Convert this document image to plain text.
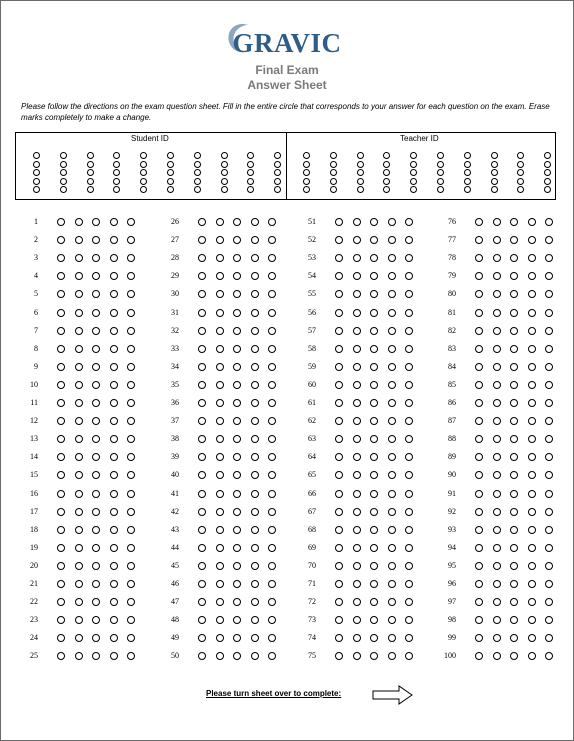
GRAVIC
Final Exam
Answer Sheet
Please follow the directions on the exam question sheet. Fill in the entire circle that corresponds to your answer for each question on the exam. Erase marks completely to make a change.
Student ID	Teacher ID
1
2
3
4
5
6
7
8
9
10
11
12
13
14
15
16
17
18
19
20
21
22
23
24
25
26
27
28
29
30
31
32
33
34
35
36
37
38
39
40
41
42
43
44
45
46
47
48
49
50
51
52
53
54
55
56
57
58
59
60
61
62
63
64
65
66
67
68
69
70
71
72
73
74
75
76
77
78
79
80
81
82
83
84
85
86
87
88
89
90
91
92
93
94
95
96
97
98
99
100
Please turn sheet over to complete:
